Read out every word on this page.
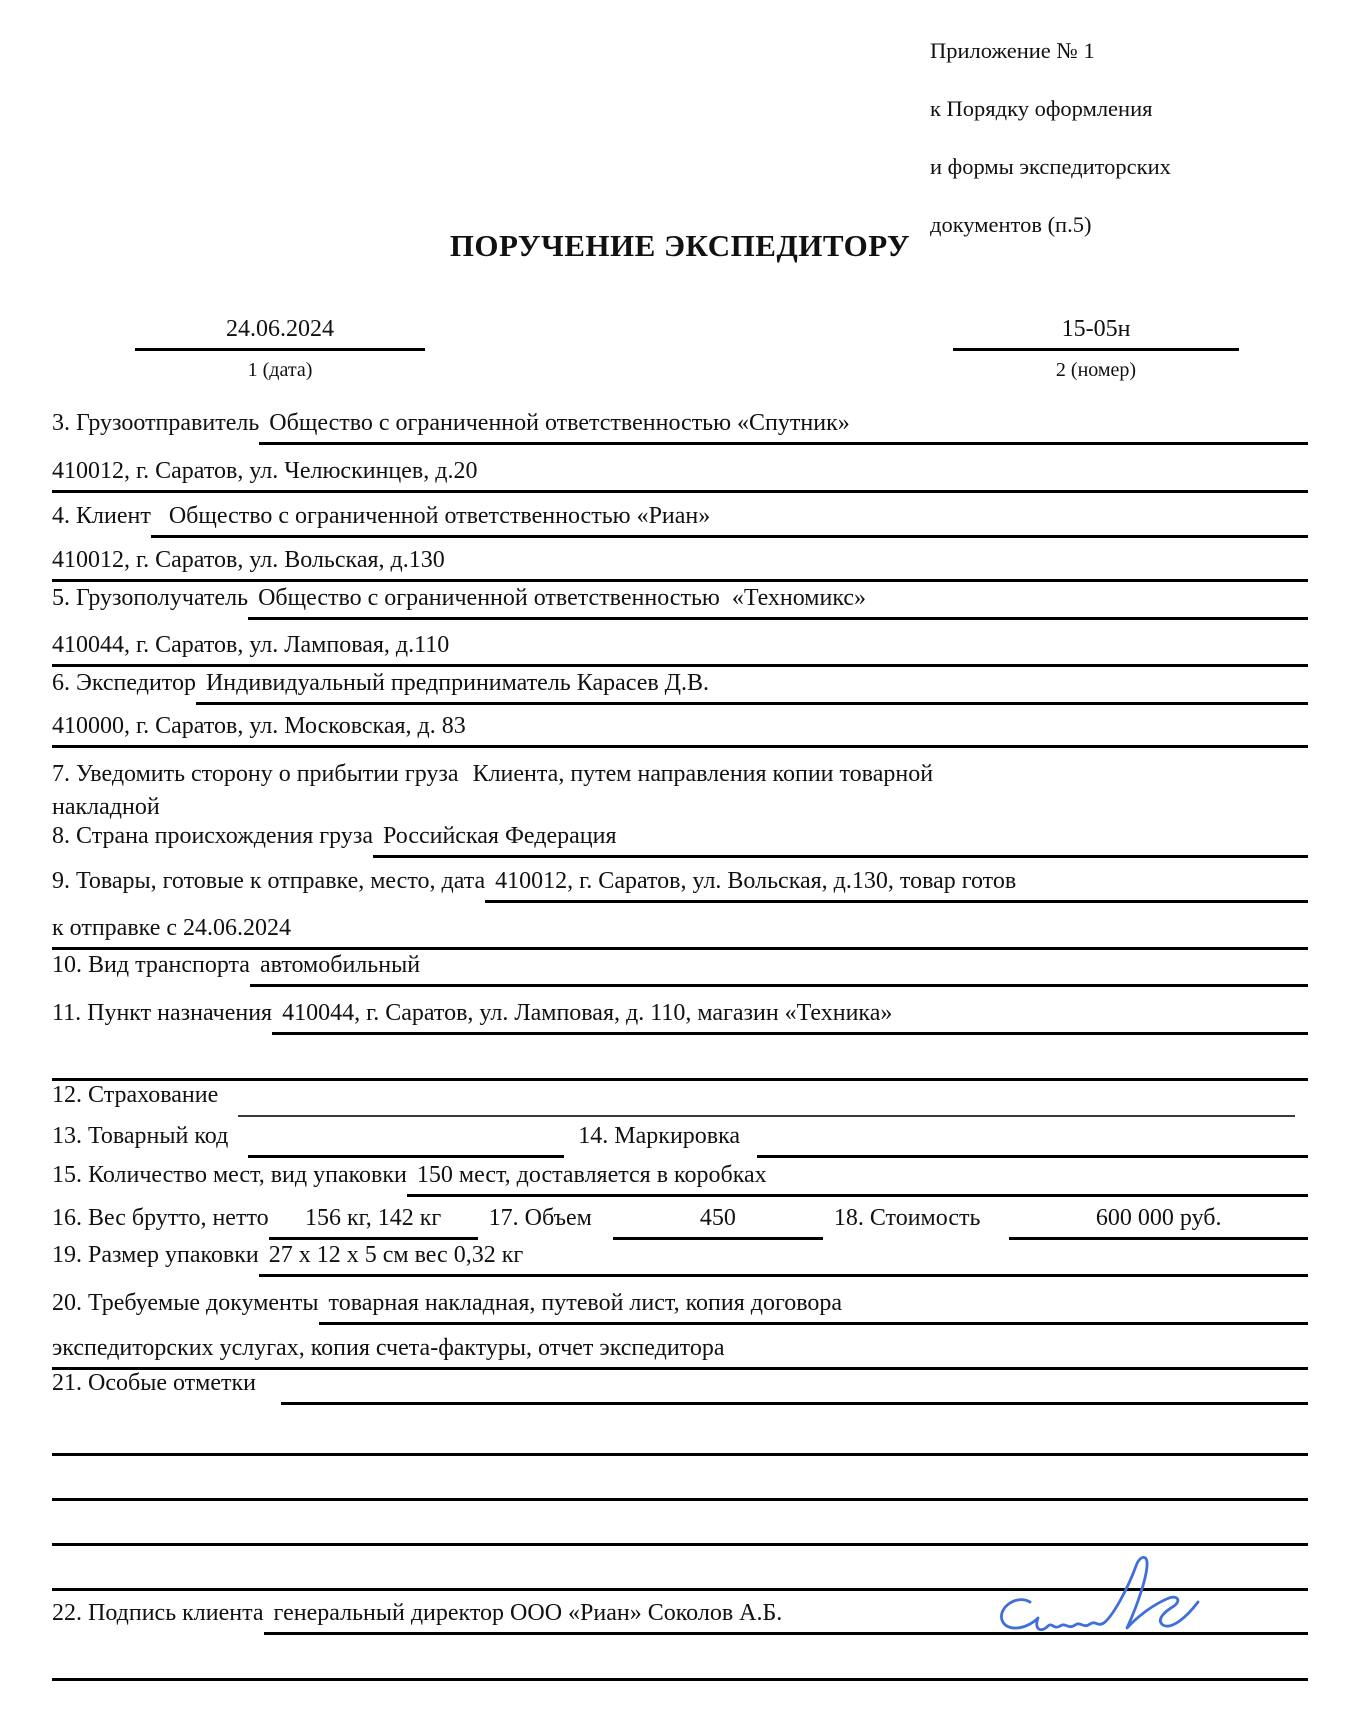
Приложение № 1

к Порядку оформления

и формы экспедиторских

документов (п.5)
ПОРУЧЕНИЕ ЭКСПЕДИТОРУ
24.06.2024
1 (дата)
15-05н
2 (номер)
3. Грузоотправитель Общество с ограниченной ответственностью «Спутник»
410012, г. Саратов, ул. Челюскинцев, д.20
4. Клиент Общество с ограниченной ответственностью «Риан»
410012, г. Саратов, ул. Вольская, д.130
5. Грузополучатель Общество с ограниченной ответственностью  «Техномикс»
410044, г. Саратов, ул. Ламповая, д.110
6. Экспедитор Индивидуальный предприниматель Карасев Д.В.
410000, г. Саратов, ул. Московская, д. 83
7. Уведомить сторону о прибытии груза Клиента, путем направления копии товарной
накладной
8. Страна происхождения груза Российская Федерация
9. Товары, готовые к отправке, место, дата 410012, г. Саратов, ул. Вольская, д.130, товар готов
к отправке с 24.06.2024
10. Вид транспорта автомобильный
11. Пункт назначения 410044, г. Саратов, ул. Ламповая, д. 110, магазин «Техника»
12. Страхование
13. Товарный код	14. Маркировка
15. Количество мест, вид упаковки 150 мест, доставляется в коробках
16. Вес брутто, нетто	156 кг, 142 кг	17. Объем	450	18. Стоимость	600 000 руб.
19. Размер упаковки 27 х 12 х 5 см вес 0,32 кг
20. Требуемые документы товарная накладная, путевой лист, копия договора
экспедиторских услугах, копия счета-фактуры, отчет экспедитора
21. Особые отметки
22. Подпись клиента генеральный директор ООО «Риан» Соколов А.Б.
